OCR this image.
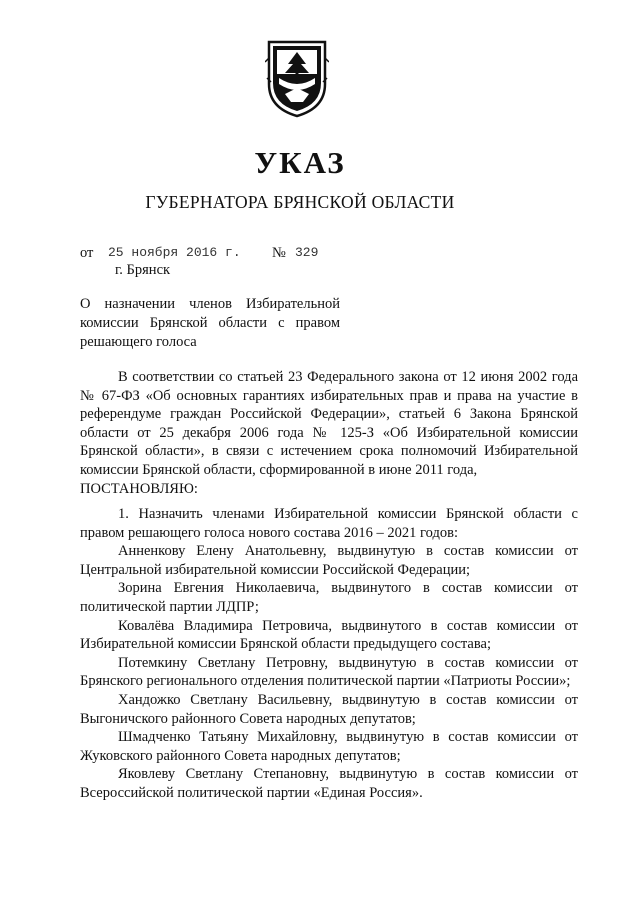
УКАЗ
ГУБЕРНАТОРА БРЯНСКОЙ ОБЛАСТИ
от 25 ноября 2016 г. № 329
г. Брянск
О назначении членов Избирательной
комиссии Брянской области с правом
решающего голоса

В соответствии со статьей 23 Федерального закона от 12 июня 2002 года № 67-ФЗ «Об основных гарантиях избирательных прав и права на участие в референдуме граждан Российской Федерации», статьей 6 Закона Брянской области от 25 декабря 2006 года № 125-З «Об Избирательной комиссии Брянской области», в связи с истечением срока полномочий Избирательной комиссии Брянской области, сформированной в июне 2011 года,

ПОСТАНОВЛЯЮ:

1. Назначить членами Избирательной комиссии Брянской области с правом решающего голоса нового состава 2016 – 2021 годов:

Анненкову Елену Анатольевну, выдвинутую в состав комиссии от Центральной избирательной комиссии Российской Федерации;

Зорина Евгения Николаевича, выдвинутого в состав комиссии от политической партии ЛДПР;

Ковалёва Владимира Петровича, выдвинутого в состав комиссии от Избирательной комиссии Брянской области предыдущего состава;

Потемкину Светлану Петровну, выдвинутую в состав комиссии от Брянского регионального отделения политической партии «Патриоты России»;

Хандожко Светлану Васильевну, выдвинутую в состав комиссии от Выгоничского районного Совета народных депутатов;

Шмадченко Татьяну Михайловну, выдвинутую в состав комиссии от Жуковского районного Совета народных депутатов;

Яковлеву Светлану Степановну, выдвинутую в состав комиссии от Всероссийской политической партии «Единая Россия».
